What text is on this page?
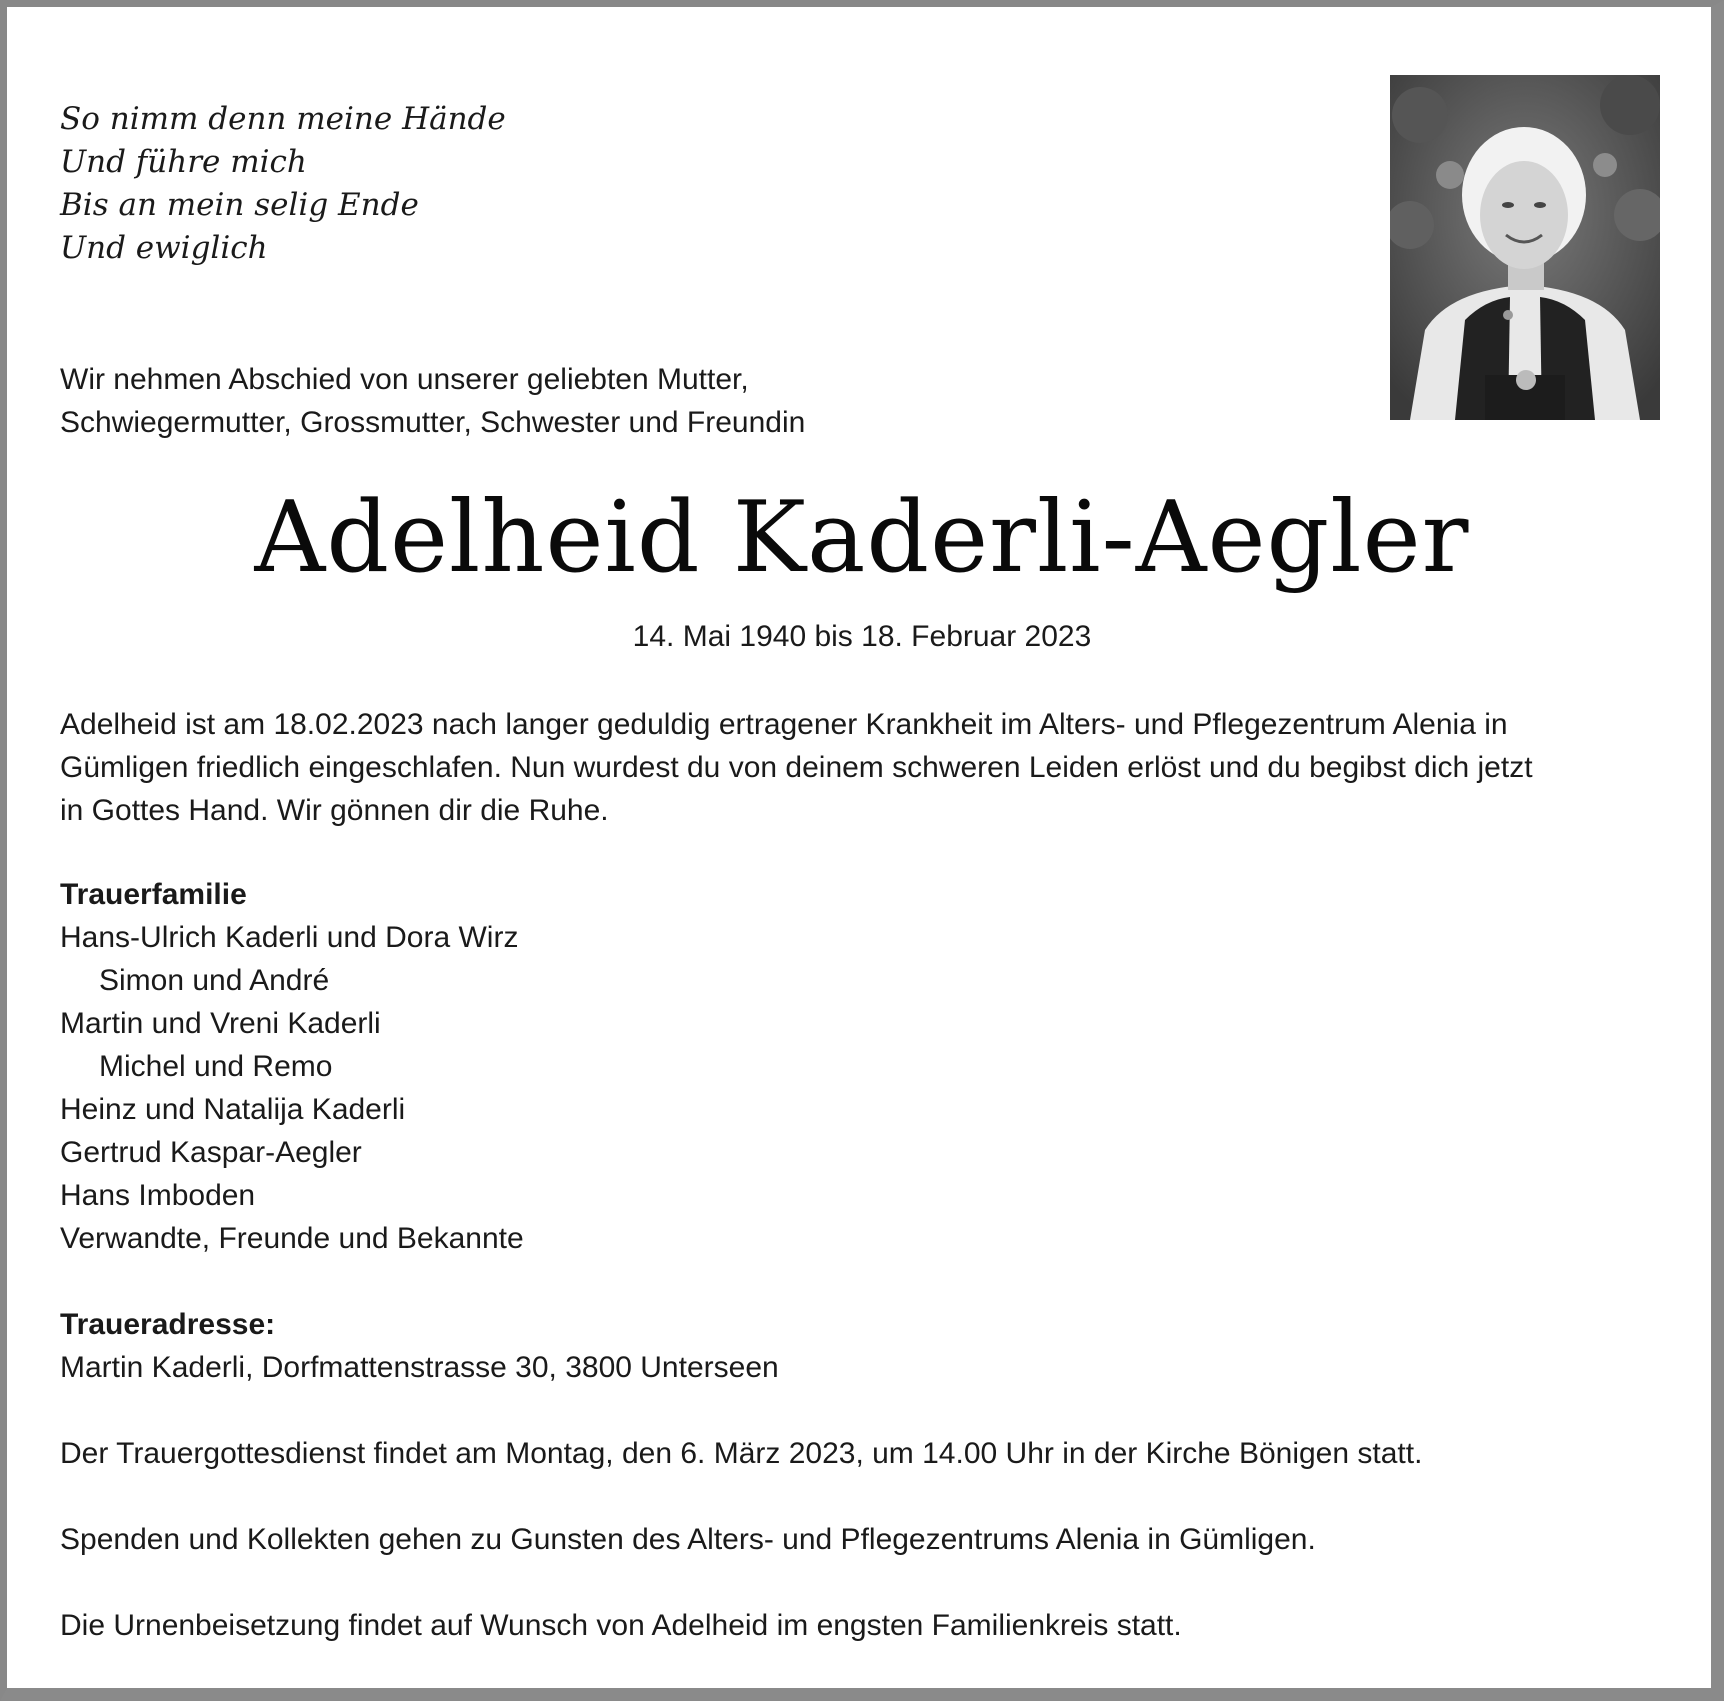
So nimm denn meine Hände
Und führe mich
Bis an mein selig Ende
Und ewiglich
Wir nehmen Abschied von unserer geliebten Mutter,
Schwiegermutter, Grossmutter, Schwester und Freundin
Adelheid Kaderli-Aegler
14. Mai 1940 bis 18. Februar 2023
Adelheid ist am 18.02.2023 nach langer geduldig ertragener Krankheit im Alters- und Pflegezentrum Alenia in
Gümligen friedlich eingeschlafen. Nun wurdest du von deinem schweren Leiden erlöst und du begibst dich jetzt
in Gottes Hand. Wir gönnen dir die Ruhe.
Trauerfamilie
Hans-Ulrich Kaderli und Dora Wirz
Simon und André
Martin und Vreni Kaderli
Michel und Remo
Heinz und Natalija Kaderli
Gertrud Kaspar-Aegler
Hans Imboden
Verwandte, Freunde und Bekannte
Traueradresse:
Martin Kaderli, Dorfmattenstrasse 30, 3800 Unterseen
Der Trauergottesdienst findet am Montag, den 6. März 2023, um 14.00 Uhr in der Kirche Bönigen statt.
Spenden und Kollekten gehen zu Gunsten des Alters- und Pflegezentrums Alenia in Gümligen.
Die Urnenbeisetzung findet auf Wunsch von Adelheid im engsten Familienkreis statt.
